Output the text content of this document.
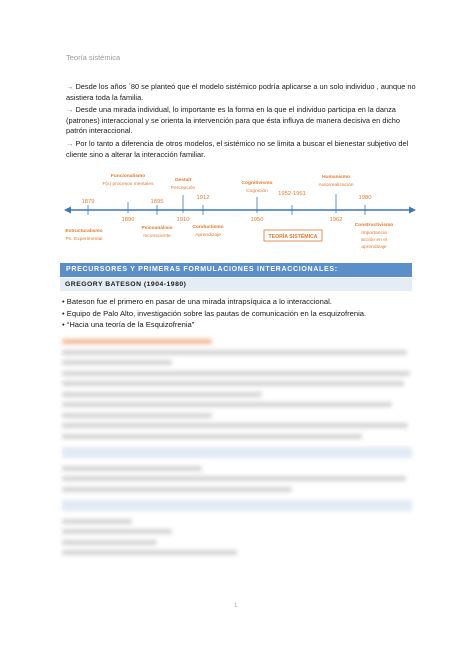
Teoría sistémica

→ Desde los años ´80 se planteó que el modelo sistémico podría aplicarse a un solo individuo , aunque no asistiera toda la familia.

→ Desde una mirada individual, lo importante es la forma en la que el individuo participa en la danza (patrones) interaccional y se orienta la intervención para que ésta influya de manera decisiva en dicho patrón interaccional.

→ Por lo tanto a diferencia de otros modelos, el sistémico no se limita a buscar el bienestar subjetivo del cliente sino a alterar la interacción familiar.

1879
1890
1895
1910
1912
1950
1952-1961
1962
1980
Funcionalismo
F(x) procesos mentales
Gestalt
Percepción
Cognitivismo
Cognición
Humanismo
Autorrealización
Estructuralismo
Ps. Experimental
Psicoanálisis
Inconsciente
Conductismo
Aprendizaje	TEORÍA SISTÉMICA
Constructivismo
Importancia
acción en el
aprendizaje
PRECURSORES Y PRIMERAS FORMULACIONES INTERACCIONALES:
GREGORY BATESON (1904-1980)
• Bateson fue el primero en pasar de una mirada intrapsíquica a lo interaccional.
• Equipo de Palo Alto, investigación sobre las pautas de comunicación en la esquizofrenia.
• “Hacia una teoría de la Esquizofrenia”
1
